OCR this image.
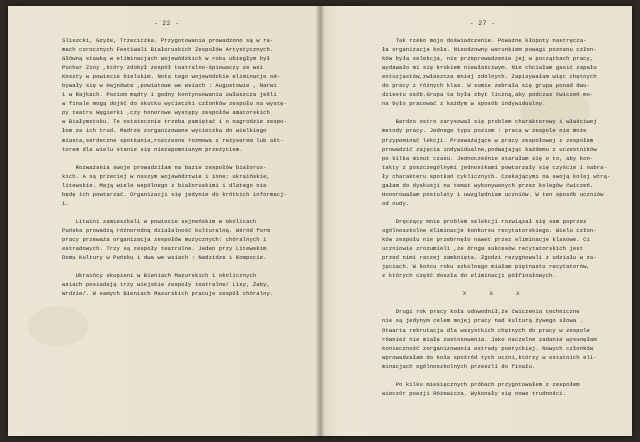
- 22 -
Sliszcki, Gzyże, Trzeciczka. Przygotowania prowadzono są w ra-
mach corocznych Festiwali Białoruskich Zespołów Artystycznych.
Główną stawką w eliminacjach wojewódzkich w roku ubiegłym był
Puchar Ziny ,który zdobył zespół teatralno-śpiewaczy ze wsi
Koszty w powiecie bielskim. Nota tego wojewódzkie eliminacje od-
bywały się w Hajnówce ,powiatowe we wsiach : Augustowie , Narwi
i w Rajkach. Poziom mądry i godny kontynuowania zwłaszcza jeśli
w finale mogą dojść do skutku wycieczki członków zespołu na wystę-
py teatru Węgierki ,czy honorowe występy zespołów amatorskich
w Białymstoku. Te ostatecznie trzeba pamiętać i o nagrodzie zespo-
łom za ich trud. Madrze zorganizowane wycieczka do wielkiego
miasta,serdeczne spotkanie,rozczesne rozmowa z reżyserem lub akt-
torem dla wielu stanie się niezapomnianym przeżyciem.

Rozważania swoje prowadziłam na bazie zespołów białorus-
kich. A są przeciej w naszym województwie i inne: ukraińskie,
litewskie. Mają wiele wspólnego z białoruskimi i dlatego nie
będę ich powtarzać. Organizacji się jedynie do krótkich informacj-
i.

Litwini zamieszkali w powiecie sejneńskim w okolicach
Puńska prowadzą różnorodną działalność kulturalną. Wśród form
pracy przeważa organizacja zespołów muzycznych: chóralnych i
estradowych. Trzy są zespoły teatralne. Jeden przy Litewskim
Domu Kultury w Puńsku i dwa we wsiach : Nadzidze i Kompocie.

Ukraińcy skupieni w Bieniach Mazurskich i okolicznych
wsiach posiadają trzy wiejskie zespoły teatralne/ Lisy, Żaby,
Wrdzie/. W samych Bieniach Mazurskich pracuje zespół chóralny.
- 27 -
Tak rzeko mojo doświadczenie. Poważne kłopoty nastręcza-
ła organizacja koła. Nieodzowny warunkiem powagi poznanu człon-
ków była selekcja, nie przeprowadzenie jej w początkach pracy,
wydawało mi się krokiem niewłaściwym. Nie chciałam gasić zapału
entuzjastów,zwłaszcza mniej zdolnych. Zapisywałam więc chętnych
do pracy z różnych klas. W sumie zebrała się grupa ponad dwu-
dziestu osób.Grupa ta była zbyt liczną,aby podczas ćwiczeń mo-
na było pracować z każdym w sposób indywidualny.

Bardzo ostro zarysował się problem charakterowy i właściwej
metody pracy. Jednego typu poziom : praca w zespole nie może
przypominać lekcji. Przeważające w pracy zespołowej z zespołem
prowadzić zajęcia indywidualne,podwajając każdemu z uczestników
po kilka minut czasu. Jednocześnie starałam się o to, aby kon-
takty z poszczególnymi jednostkami powtarzały się czyście i nabra-
ły charakteru spotkań cyklicznych. Czekającymi na swoją kolej wtrą-
gałam do dyskusji na temat wykonywanych przez kolegów ćwiczeń.
Honorowałam postulaty i uwzględniam uczniów. W ten sposób uczniów
od nudy.

Dręczący mnie problem selekcji rozwiązał się sam poprzez
ogólnoszkolne eliminacje konkursu recytatorskiego. Wielu człon-
ków zespołu nie przebrnęło nawet przez eliminacje klasowe. Ci
uczniowie zrozumieli ,że droga sukcesów recytatorskich jest
przed nimi raczej zamknięta. Zgodzi rezygnowali z udziału w za-
jęciach. W końcu roku szkolnego miałam piętnastu recytatorów,
z których część doszła do eliminacji półfinałowych.

X X X

Drugi rok pracy koła udowodnił,że ćwiczenia techniczne
nie są jedynym celem mojej pracy nad kulturą żywego słowa .
Otwarta rekrutacja dla wszystkich chętnych do pracy w zespole
również nie miała zastosowania. Jako naczelne zadanie wysunęłam
konieczność zorganizowania estrady poetyckiej. Nowych członków
wprowadzałam do koła spośród tych uczni,którzy w ostatnich eli-
minacjach ogólnoszkolnych przeszli do finału.

Po kilku miesięcznych próbach przygotowałem z zespołem
wieczór poezji Różewicza. Wykonały się nowe trudności.
